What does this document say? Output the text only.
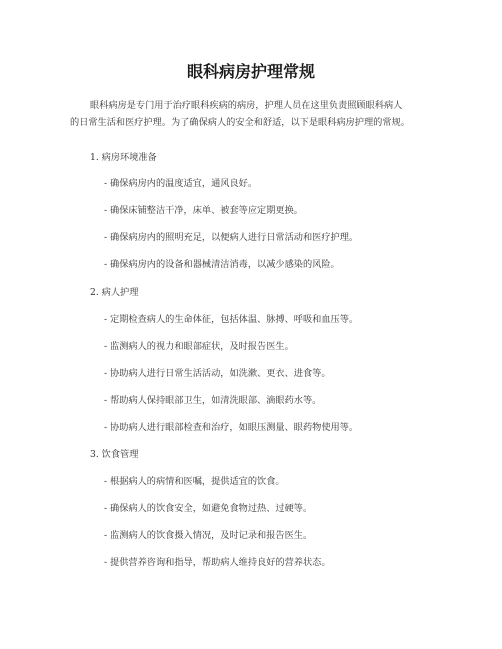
眼科病房护理常规
眼科病房是专门用于治疗眼科疾病的病房，护理人员在这里负责照顾眼科病人
的日常生活和医疗护理。为了确保病人的安全和舒适，以下是眼科病房护理的常规。
1. 病房环境准备
- 确保病房内的温度适宜，通风良好。
- 确保床铺整洁干净，床单、被套等应定期更换。
- 确保病房内的照明充足，以便病人进行日常活动和医疗护理。
- 确保病房内的设备和器械清洁消毒，以减少感染的风险。
2. 病人护理
- 定期检查病人的生命体征，包括体温、脉搏、呼吸和血压等。
- 监测病人的视力和眼部症状，及时报告医生。
- 协助病人进行日常生活活动，如洗漱、更衣、进食等。
- 帮助病人保持眼部卫生，如清洗眼部、滴眼药水等。
- 协助病人进行眼部检查和治疗，如眼压测量、眼药物使用等。
3. 饮食管理
- 根据病人的病情和医嘱，提供适宜的饮食。
- 确保病人的饮食安全，如避免食物过热、过硬等。
- 监测病人的饮食摄入情况，及时记录和报告医生。
- 提供营养咨询和指导，帮助病人维持良好的营养状态。
